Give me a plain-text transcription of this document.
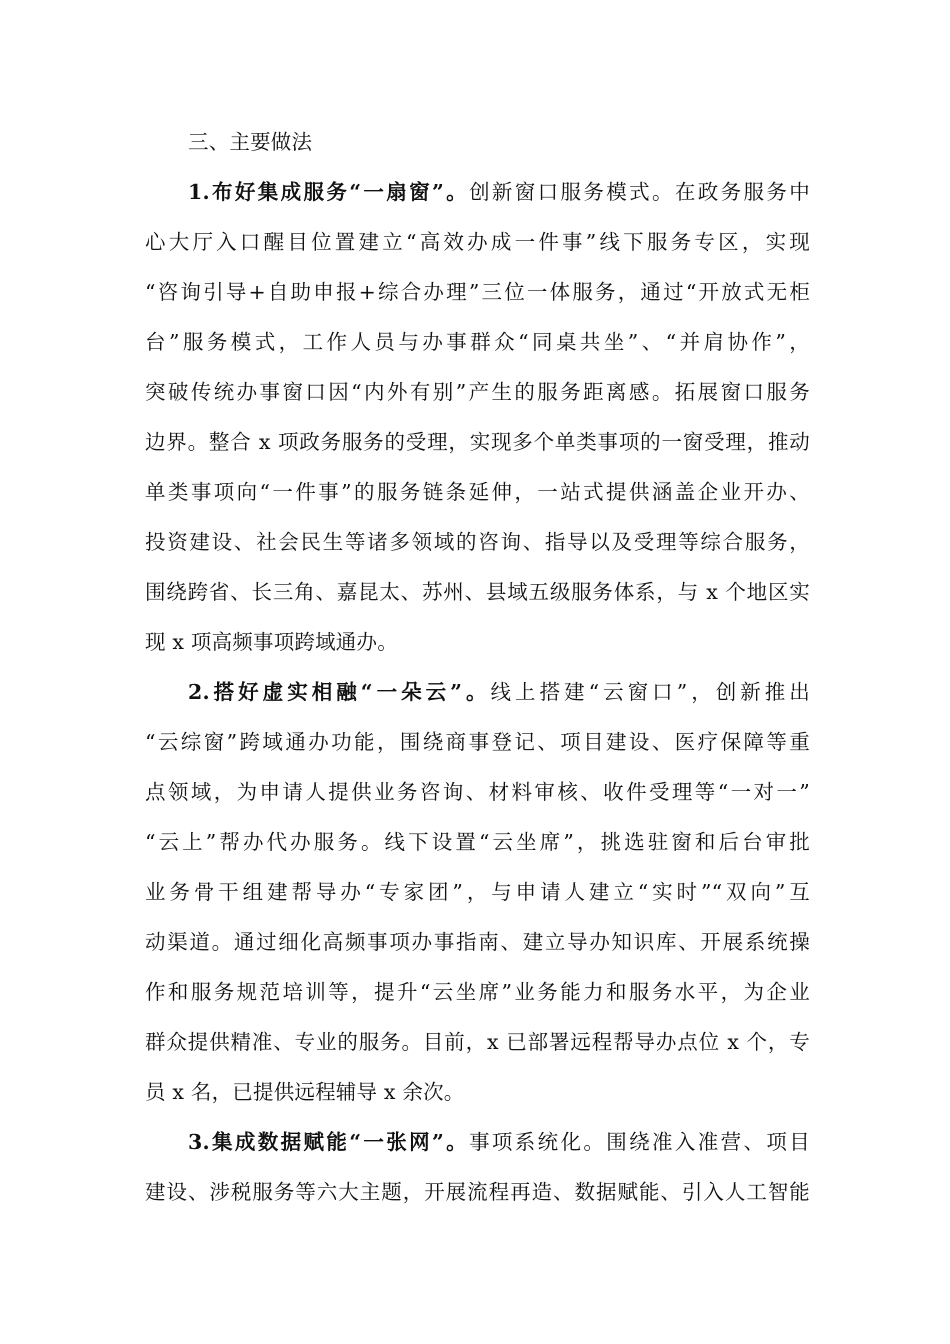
三、主要做法
1.布好集成服务“一扇窗”。创新窗口服务模式。在政务服务中
心大厅入口醒目位置建立“高效办成一件事”线下服务专区，实现
“咨询引导+自助申报+综合办理”三位一体服务，通过“开放式无柜
台”服务模式，工作人员与办事群众“同桌共坐”、“并肩协作”，
突破传统办事窗口因“内外有别”产生的服务距离感。拓展窗口服务
边界。整合 x 项政务服务的受理，实现多个单类事项的一窗受理，推动
单类事项向“一件事”的服务链条延伸，一站式提供涵盖企业开办、
投资建设、社会民生等诸多领域的咨询、指导以及受理等综合服务，
围绕跨省、长三角、嘉昆太、苏州、县域五级服务体系，与 x 个地区实
现 x 项高频事项跨域通办。
2.搭好虚实相融“一朵云”。线上搭建“云窗口”，创新推出
“云综窗”跨域通办功能，围绕商事登记、项目建设、医疗保障等重
点领域，为申请人提供业务咨询、材料审核、收件受理等“一对一”
“云上”帮办代办服务。线下设置“云坐席”，挑选驻窗和后台审批
业务骨干组建帮导办“专家团”，与申请人建立“实时”“双向”互
动渠道。通过细化高频事项办事指南、建立导办知识库、开展系统操
作和服务规范培训等，提升“云坐席”业务能力和服务水平，为企业
群众提供精准、专业的服务。目前，x 已部署远程帮导办点位 x 个，专
员 x 名，已提供远程辅导 x 余次。
3.集成数据赋能“一张网”。事项系统化。围绕准入准营、项目
建设、涉税服务等六大主题，开展流程再造、数据赋能、引入人工智能
